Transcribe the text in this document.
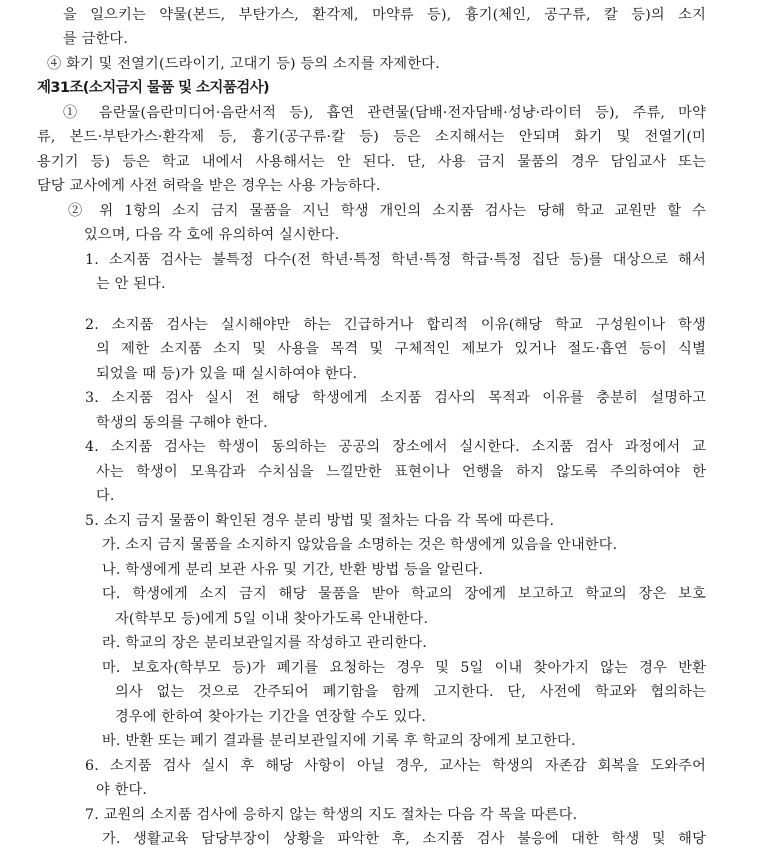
을 일으키는 약물(본드, 부탄가스, 환각제, 마약류 등), 흉기(체인, 공구류, 칼 등)의 소지
를 금한다.
④ 화기 및 전열기(드라이기, 고대기 등) 등의 소지를 자제한다.
제31조(소지금지 물품 및 소지품검사)
① 음란물(음란미디어·음란서적 등), 흡연 관련물(담배·전자담배·성냥·라이터 등), 주류, 마약
류, 본드·부탄가스·환각제 등, 흉기(공구류·칼 등) 등은 소지해서는 안되며 화기 및 전열기(미
용기기 등) 등은 학교 내에서 사용해서는 안 된다. 단, 사용 금지 물품의 경우 담임교사 또는
담당 교사에게 사전 허락을 받은 경우는 사용 가능하다.
② 위 1항의 소지 금지 물품을 지닌 학생 개인의 소지품 검사는 당해 학교 교원만 할 수
있으며, 다음 각 호에 유의하여 실시한다.
1. 소지품 검사는 불특정 다수(전 학년·특정 학년·특정 학급·특정 집단 등)를 대상으로 해서
는 안 된다.
2. 소지품 검사는 실시해야만 하는 긴급하거나 합리적 이유(해당 학교 구성원이나 학생
의 제한 소지품 소지 및 사용을 목격 및 구체적인 제보가 있거나 절도·흡연 등이 식별
되었을 때 등)가 있을 때 실시하여야 한다.
3. 소지품 검사 실시 전 해당 학생에게 소지품 검사의 목적과 이유를 충분히 설명하고
학생의 동의를 구해야 한다.
4. 소지품 검사는 학생이 동의하는 공공의 장소에서 실시한다. 소지품 검사 과정에서 교
사는 학생이 모욕감과 수치심을 느낄만한 표현이나 언행을 하지 않도록 주의하여야 한
다.
5. 소지 금지 물품이 확인된 경우 분리 방법 및 절차는 다음 각 목에 따른다.
가. 소지 금지 물품을 소지하지 않았음을 소명하는 것은 학생에게 있음을 안내한다.
나. 학생에게 분리 보관 사유 및 기간, 반환 방법 등을 알린다.
다. 학생에게 소지 금지 해당 물품을 받아 학교의 장에게 보고하고 학교의 장은 보호
자(학부모 등)에게 5일 이내 찾아가도록 안내한다.
라. 학교의 장은 분리보관일지를 작성하고 관리한다.
마. 보호자(학부모 등)가 폐기를 요청하는 경우 및 5일 이내 찾아가지 않는 경우 반환
의사 없는 것으로 간주되어 폐기함을 함께 고지한다. 단, 사전에 학교와 협의하는
경우에 한하여 찾아가는 기간을 연장할 수도 있다.
바. 반환 또는 폐기 결과를 분리보관일지에 기록 후 학교의 장에게 보고한다.
6. 소지품 검사 실시 후 해당 사항이 아닐 경우, 교사는 학생의 자존감 회복을 도와주어
야 한다.
7. 교원의 소지품 검사에 응하지 않는 학생의 지도 절차는 다음 각 목을 따른다.
가. 생활교육 담당부장이 상황을 파악한 후, 소지품 검사 불응에 대한 학생 및 해당
